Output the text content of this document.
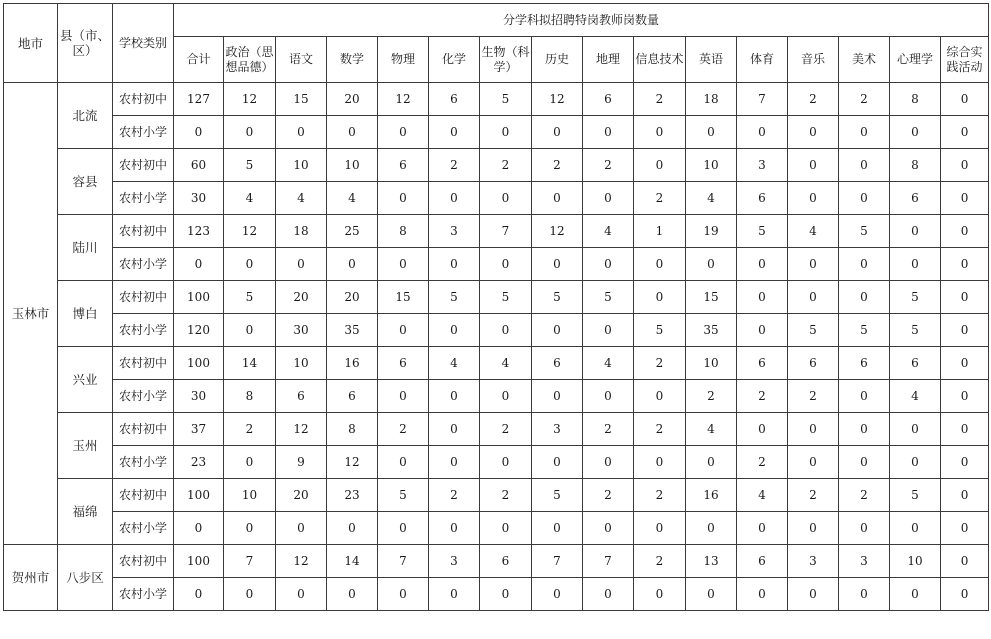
地市	县（市、区）	学校类别	分学科拟招聘特岗教师岗数量															
			合计	政治（思想品德）	语文	数学	物理	化学	生物（科学）	历史	地理	信息技术	英语	体育	音乐	美术	心理学	综合实践活动
玉林市	北流	农村初中	127	12	15	20	12	6	5	12	6	2	18	7	2	2	8	0
		农村小学	0	0	0	0	0	0	0	0	0	0	0	0	0	0	0	0
	容县	农村初中	60	5	10	10	6	2	2	2	2	0	10	3	0	0	8	0
		农村小学	30	4	4	4	0	0	0	0	0	2	4	6	0	0	6	0
	陆川	农村初中	123	12	18	25	8	3	7	12	4	1	19	5	4	5	0	0
		农村小学	0	0	0	0	0	0	0	0	0	0	0	0	0	0	0	0
	博白	农村初中	100	5	20	20	15	5	5	5	5	0	15	0	0	0	5	0
		农村小学	120	0	30	35	0	0	0	0	0	5	35	0	5	5	5	0
	兴业	农村初中	100	14	10	16	6	4	4	6	4	2	10	6	6	6	6	0
		农村小学	30	8	6	6	0	0	0	0	0	0	2	2	2	0	4	0
	玉州	农村初中	37	2	12	8	2	0	2	3	2	2	4	0	0	0	0	0
		农村小学	23	0	9	12	0	0	0	0	0	0	0	2	0	0	0	0
	福绵	农村初中	100	10	20	23	5	2	2	5	2	2	16	4	2	2	5	0
		农村小学	0	0	0	0	0	0	0	0	0	0	0	0	0	0	0	0
贺州市	八步区	农村初中	100	7	12	14	7	3	6	7	7	2	13	6	3	3	10	0
		农村小学	0	0	0	0	0	0	0	0	0	0	0	0	0	0	0	0
